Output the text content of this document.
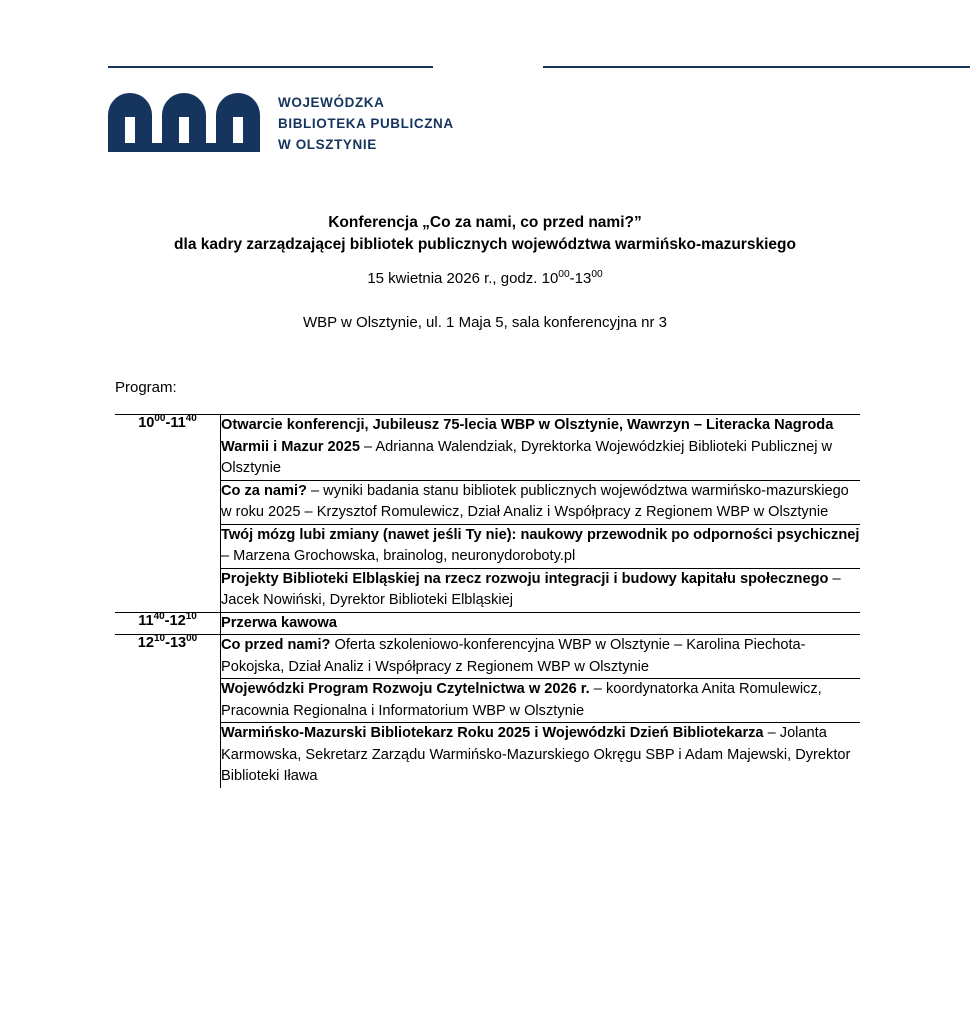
WOJEWÓDZKA
BIBLIOTEKA PUBLICZNA
W OLSZTYNIE
Konferencja „Co za nami, co przed nami?”
dla kadry zarządzającej bibliotek publicznych województwa warmińsko-mazurskiego
15 kwietnia 2026 r., godz. $10^{00}-13^{00}$
WBP w Olsztynie, ul. 1 Maja 5, sala konferencyjna nr 3
Program:
$10^{00}-11^{40}$	Otwarcie konferencji, Jubileusz 75-lecia WBP w Olsztynie, Wawrzyn – Literacka Nagroda Warmii i Mazur 2025 – Adrianna Walendziak, Dyrektorka Wojewódzkiej Biblioteki Publicznej w Olsztynie
	Co za nami? – wyniki badania stanu bibliotek publicznych województwa warmińsko-mazurskiego w roku 2025 – Krzysztof Romulewicz, Dział Analiz i Współpracy z Regionem WBP w Olsztynie
	Twój mózg lubi zmiany (nawet jeśli Ty nie): naukowy przewodnik po odporności psychicznej – Marzena Grochowska, brainolog, neuronydoroboty.pl
	Projekty Biblioteki Elbląskiej na rzecz rozwoju integracji i budowy kapitału społecznego – Jacek Nowiński, Dyrektor Biblioteki Elbląskiej
$11^{40}-12^{10}$	Przerwa kawowa
$12^{10}-13^{00}$	Co przed nami? Oferta szkoleniowo-konferencyjna WBP w Olsztynie – Karolina Piechota-Pokojska, Dział Analiz i Współpracy z Regionem WBP w Olsztynie
	Wojewódzki Program Rozwoju Czytelnictwa w 2026 r. – koordynatorka Anita Romulewicz, Pracownia Regionalna i Informatorium WBP w Olsztynie
	Warmińsko-Mazurski Bibliotekarz Roku 2025 i Wojewódzki Dzień Bibliotekarza – Jolanta Karmowska, Sekretarz Zarządu Warmińsko-Mazurskiego Okręgu SBP i Adam Majewski, Dyrektor Biblioteki Iława
